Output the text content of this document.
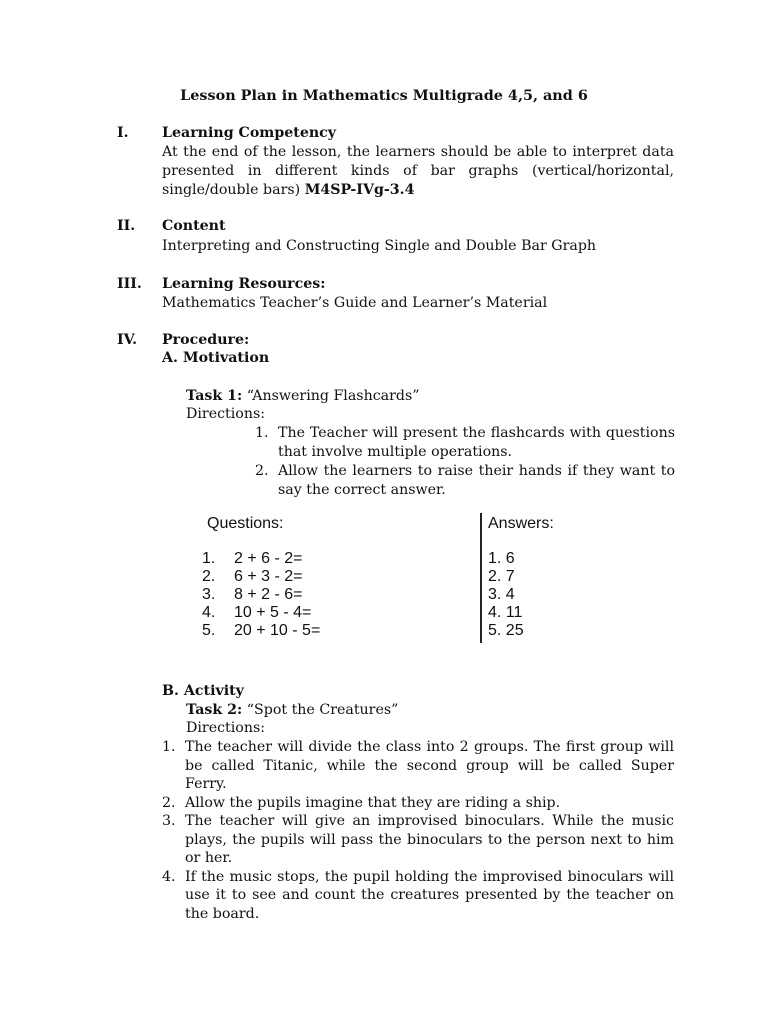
Lesson Plan in Mathematics Multigrade 4,5, and 6
I. Learning Competency
At the end of the lesson, the learners should be able to interpret data presented in different kinds of bar graphs (vertical/horizontal, single/double bars) M4SP-IVg-3.4
II. Content
Interpreting and Constructing Single and Double Bar Graph
III. Learning Resources:
Mathematics Teacher’s Guide and Learner’s Material
IV. Procedure:
A. Motivation
Task 1: “Answering Flashcards”
Directions:
1. The Teacher will present the flashcards with questions that involve multiple operations.
2. Allow the learners to raise their hands if they want to say the correct answer.
Questions:	Answers:
1. 2 + 6 - 2=
2. 6 + 3 - 2=
3. 8 + 2 - 6=
4. 10 + 5 - 4=
5. 20 + 10 - 5=
1. 6
2. 7
3. 4
4. 11
5. 25
B. Activity
Task 2: “Spot the Creatures”
Directions:
1. The teacher will divide the class into 2 groups. The first group will be called Titanic, while the second group will be called Super Ferry.
2. Allow the pupils imagine that they are riding a ship.
3. The teacher will give an improvised binoculars. While the music plays, the pupils will pass the binoculars to the person next to him or her.
4. If the music stops, the pupil holding the improvised binoculars will use it to see and count the creatures presented by the teacher on the board.
